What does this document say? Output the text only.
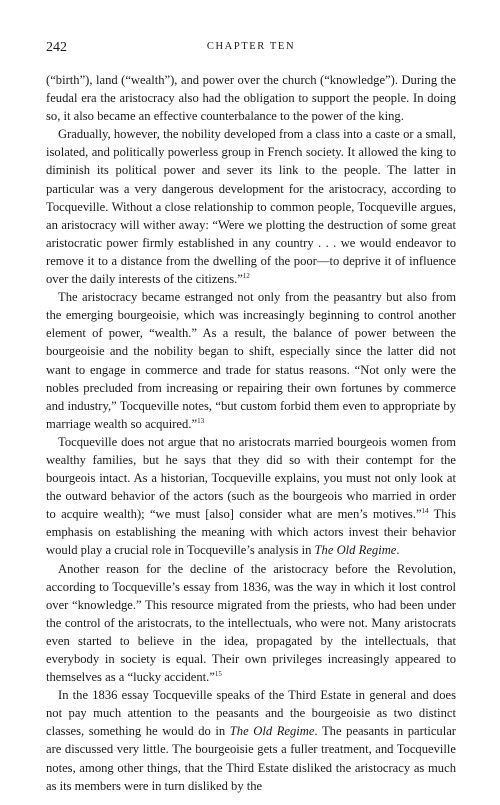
242	CHAPTER TEN

(“birth”), land (“wealth”), and power over the church (“knowledge”). During the feudal era the aristocracy also had the obligation to support the people. In doing so, it also became an effective counterbalance to the power of the king.

Gradually, however, the nobility developed from a class into a caste or a small, isolated, and politically powerless group in French society. It allowed the king to diminish its political power and sever its link to the people. The latter in particular was a very dangerous development for the aristocracy, according to Tocqueville. Without a close relationship to common people, Tocqueville argues, an aristocracy will wither away: “Were we plotting the destruction of some great aristocratic power firmly established in any country . . . we would endeavor to remove it to a distance from the dwelling of the poor—to deprive it of influence over the daily interests of the citizens.”$^{12}$

The aristocracy became estranged not only from the peasantry but also from the emerging bourgeoisie, which was increasingly beginning to control another element of power, “wealth.” As a result, the balance of power between the bourgeoisie and the nobility began to shift, especially since the latter did not want to engage in commerce and trade for status reasons. “Not only were the nobles precluded from increasing or repairing their own fortunes by commerce and industry,” Tocqueville notes, “but custom forbid them even to appropriate by marriage wealth so acquired.”$^{13}$

Tocqueville does not argue that no aristocrats married bourgeois women from wealthy families, but he says that they did so with their contempt for the bourgeois intact. As a historian, Tocqueville explains, you must not only look at the outward behavior of the actors (such as the bourgeois who married in order to acquire wealth); “we must [also] consider what are men’s motives.”$^{14}$ This emphasis on establishing the meaning with which actors invest their behavior would play a crucial role in Tocqueville’s analysis in The Old Regime.

Another reason for the decline of the aristocracy before the Revolution, according to Tocqueville’s essay from 1836, was the way in which it lost control over “knowledge.” This resource migrated from the priests, who had been under the control of the aristocrats, to the intellectuals, who were not. Many aristocrats even started to believe in the idea, propagated by the intellectuals, that everybody in society is equal. Their own privileges increasingly appeared to themselves as a “lucky accident.”$^{15}$

In the 1836 essay Tocqueville speaks of the Third Estate in general and does not pay much attention to the peasants and the bourgeoisie as two distinct classes, something he would do in The Old Regime. The peasants in particular are discussed very little. The bourgeoisie gets a fuller treatment, and Tocqueville notes, among other things, that the Third Estate disliked the aristocracy as much as its members were in turn disliked by the
